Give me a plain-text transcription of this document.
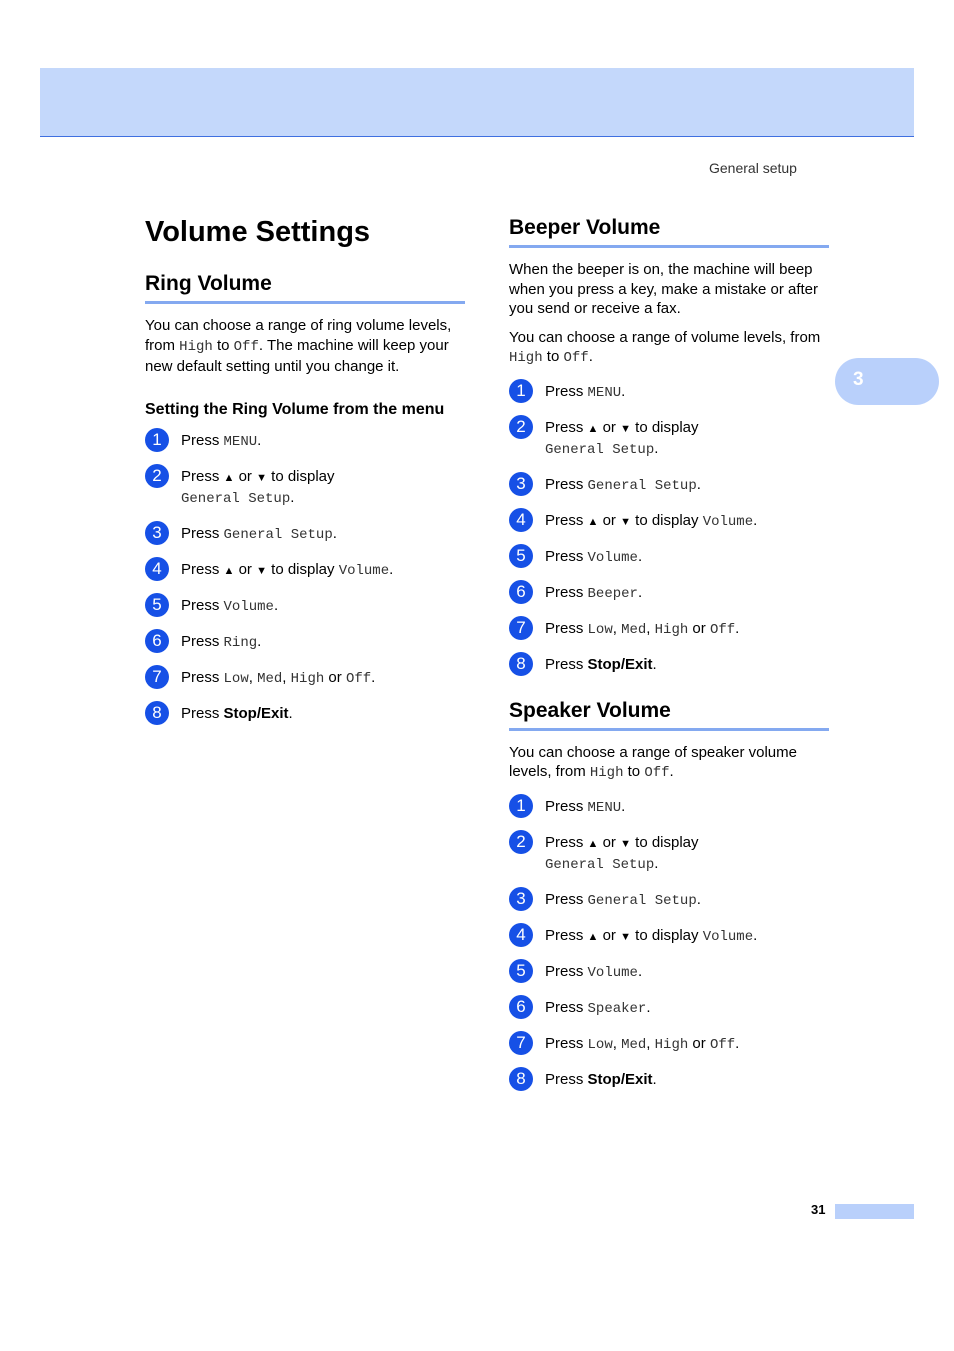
General setup
3
Volume Settings
Ring Volume

You can choose a range of ring volume levels, from High to Off. The machine will keep your new default setting until you change it.

Setting the Ring Volume from the menu
1	Press MENU.
2	Press ▲ or ▼ to display
General Setup.
3	Press General Setup.
4	Press ▲ or ▼ to display Volume.
5	Press Volume.
6	Press Ring.
7	Press Low, Med, High or Off.
8	Press Stop/Exit.
Beeper Volume

When the beeper is on, the machine will beep when you press a key, make a mistake or after you send or receive a fax.

You can choose a range of volume levels, from High to Off.

1	Press MENU.
2	Press ▲ or ▼ to display
General Setup.
3	Press General Setup.
4	Press ▲ or ▼ to display Volume.
5	Press Volume.
6	Press Beeper.
7	Press Low, Med, High or Off.
8	Press Stop/Exit.
Speaker Volume

You can choose a range of speaker volume levels, from High to Off.

1	Press MENU.
2	Press ▲ or ▼ to display
General Setup.
3	Press General Setup.
4	Press ▲ or ▼ to display Volume.
5	Press Volume.
6	Press Speaker.
7	Press Low, Med, High or Off.
8	Press Stop/Exit.
31
